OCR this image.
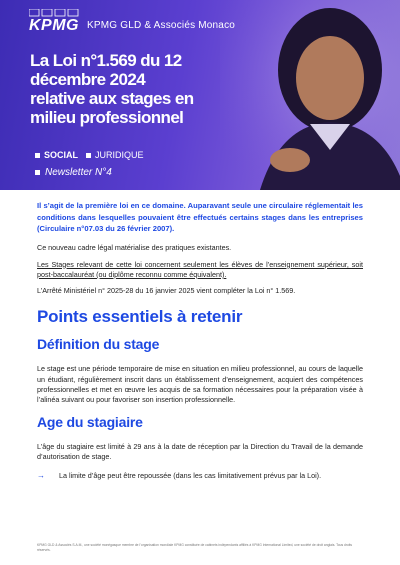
KPMG KPMG GLD & Associés Monaco
La Loi n°1.569 du 12
décembre 2024
relative aux stages en
milieu professionnel
SOCIAL JURIDIQUE
Newsletter N°4

Il s’agit de la première loi en ce domaine. Auparavant seule une circulaire réglementait les conditions dans lesquelles pouvaient être effectués certains stages dans les entreprises (Circulaire n°07.03 du 26 février 2007).

Ce nouveau cadre légal matérialise des pratiques existantes.

Les Stages relevant de cette loi concernent seulement les élèves de l’enseignement supérieur, soit post-baccalauréat (ou diplôme reconnu comme équivalent).

L’Arrêté Ministériel n° 2025-28 du 16 janvier 2025 vient compléter la Loi n° 1.569.

Points essentiels à retenir
Définition du stage

Le stage est une période temporaire de mise en situation en milieu professionnel, au cours de laquelle un étudiant, régulièrement inscrit dans un établissement d’enseignement, acquiert des compétences professionnelles et met en œuvre les acquis de sa formation nécessaires pour la préparation visée à l’alinéa suivant ou pour favoriser son insertion professionnelle.

Age du stagiaire

L’âge du stagiaire est limité à 29 ans à la date de réception par la Direction du Travail de la demande d’autorisation de stage.

→	La limite d’âge peut être repoussée (dans les cas limitativement prévus par la Loi).
KPMG GLD & Associés S.A.M., une société monégasque membre de l’organisation mondiale KPMG constituée de cabinets indépendants affiliés à KPMG International Limited, une société de droit anglais. Tous droits réservés.
